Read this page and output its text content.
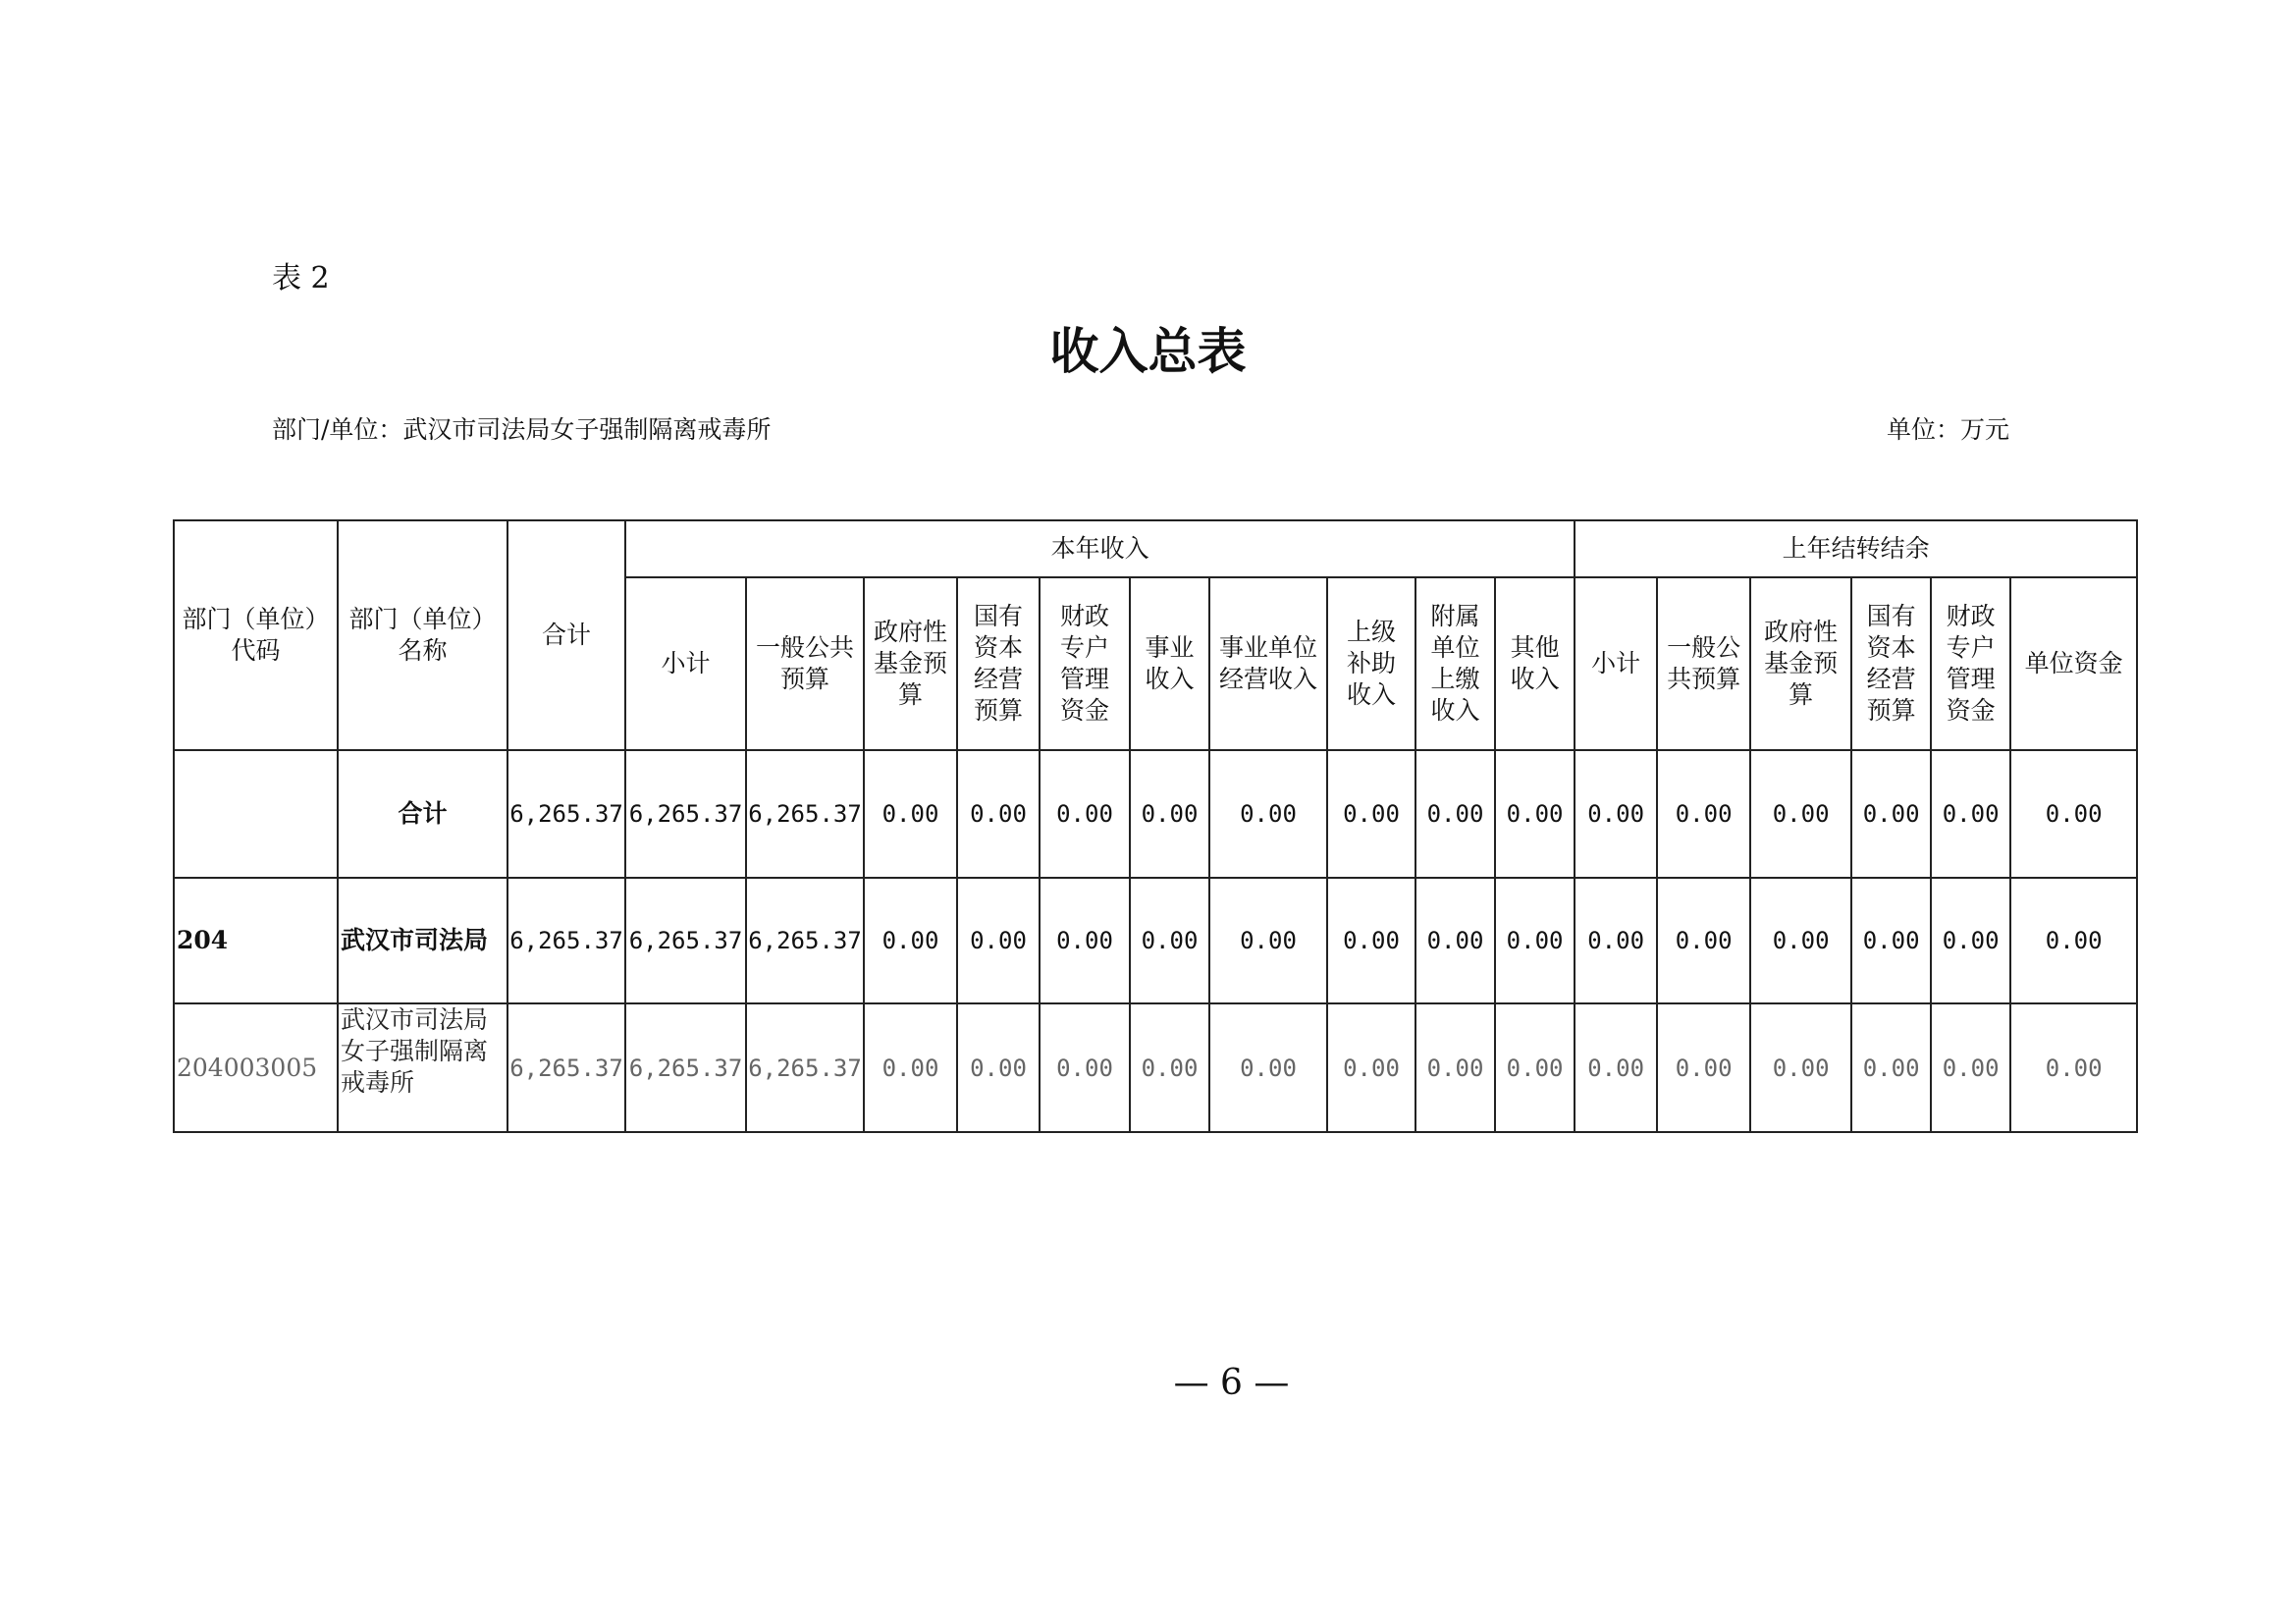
表 2
收入总表
部门/单位：武汉市司法局女子强制隔离戒毒所	单位：万元
部门（单位）代码	部门（单位）名称	合计	本年收入										上年结转结余					
			小计	一般公共预算	政府性基金预算	国有资本经营预算	财政专户管理资金	事业收入	事业单位经营收入	上级补助收入	附属单位上缴收入	其他收入	小计	一般公共预算	政府性基金预算	国有资本经营预算	财政专户管理资金	单位资金
	合计	6,265.37	6,265.37	6,265.37	0.00	0.00	0.00	0.00	0.00	0.00	0.00	0.00	0.00	0.00	0.00	0.00	0.00	0.00
204	武汉市司法局	6,265.37	6,265.37	6,265.37	0.00	0.00	0.00	0.00	0.00	0.00	0.00	0.00	0.00	0.00	0.00	0.00	0.00	0.00
204003005	武汉市司法局女子强制隔离戒毒所	6,265.37	6,265.37	6,265.37	0.00	0.00	0.00	0.00	0.00	0.00	0.00	0.00	0.00	0.00	0.00	0.00	0.00	0.00
— 6 —
